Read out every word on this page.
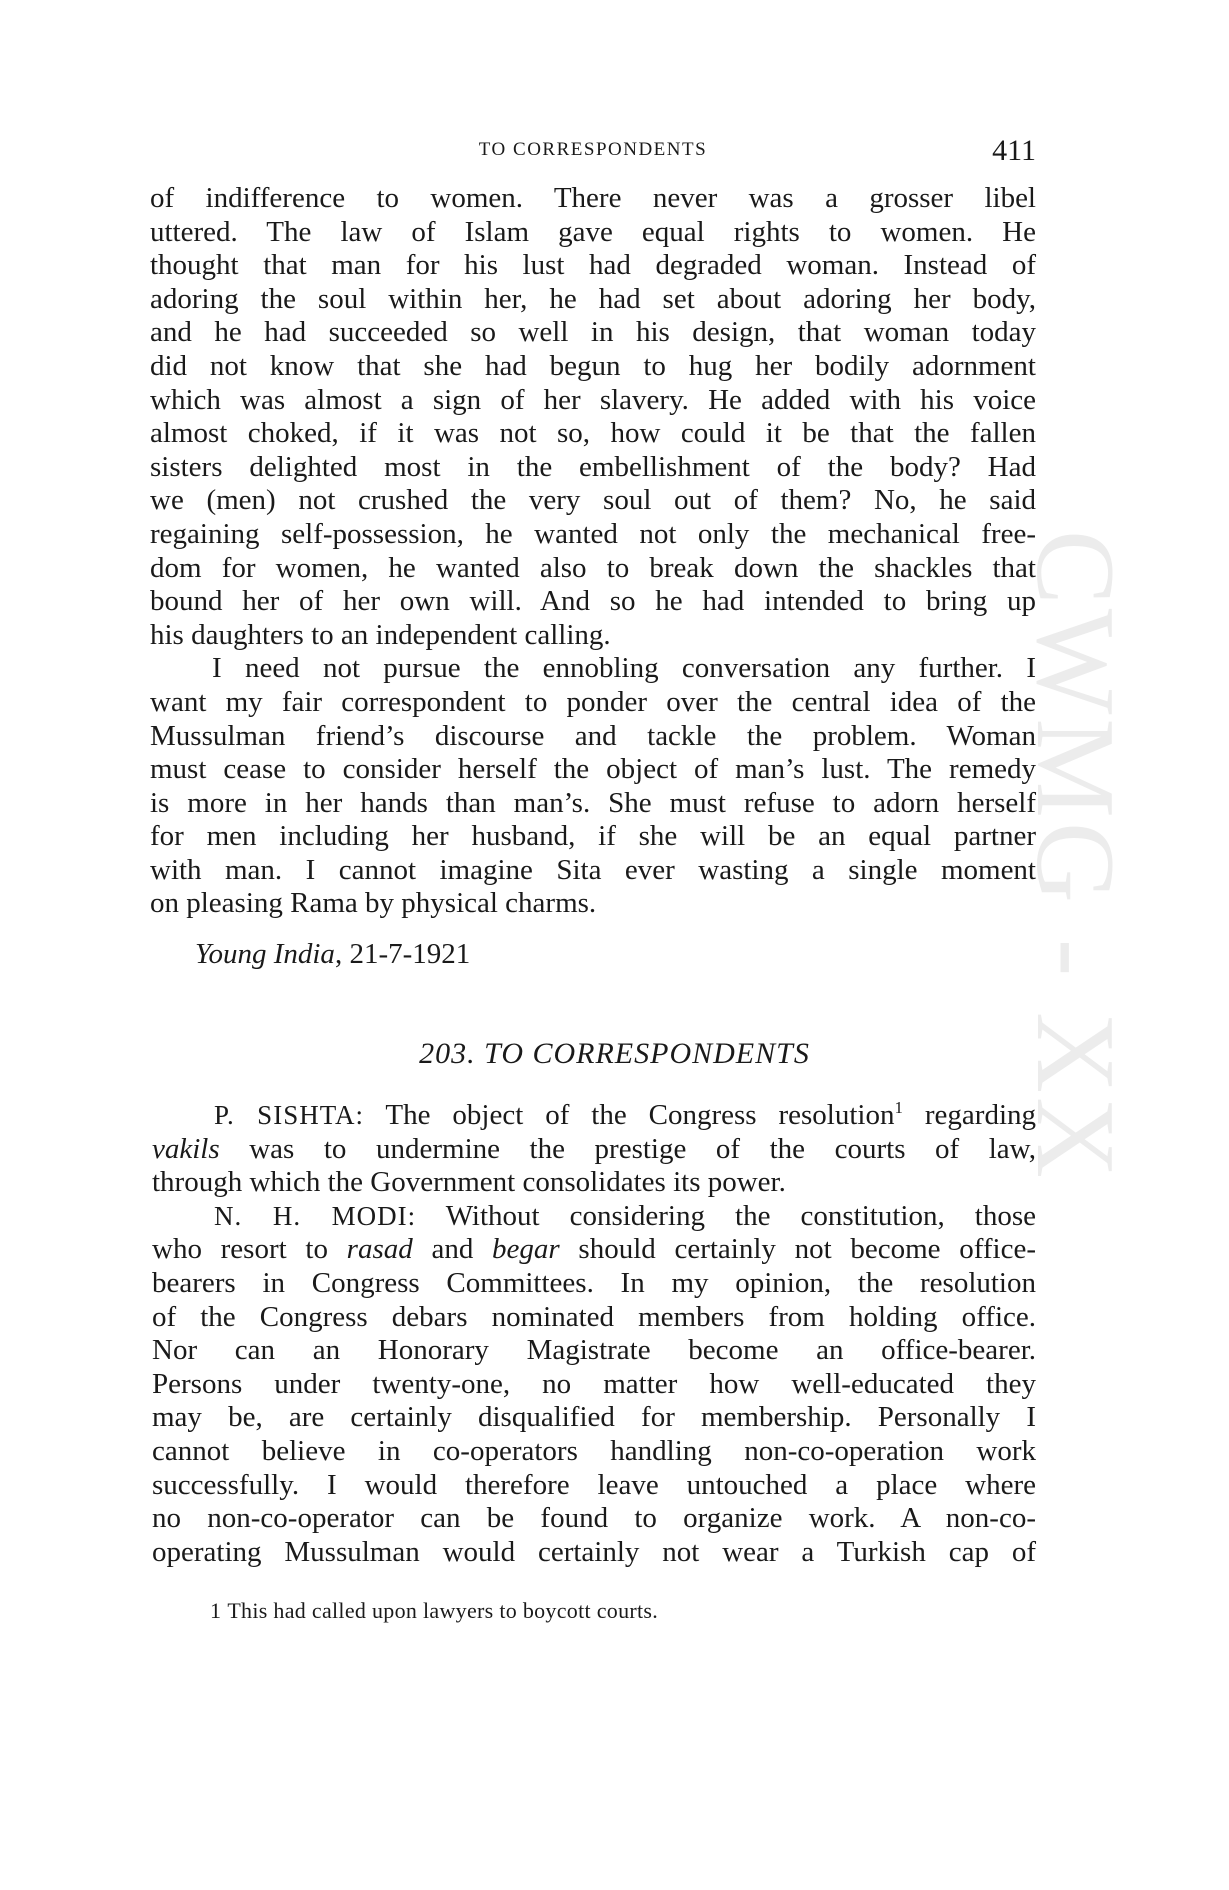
CWMG - XX
TO CORRESPONDENTS	411
of indifference to women. There never was a grosser libel
uttered. The law of Islam gave equal rights to women. He
thought that man for his lust had degraded woman. Instead of
adoring the soul within her, he had set about adoring her body,
and he had succeeded so well in his design, that woman today
did not know that she had begun to hug her bodily adornment
which was almost a sign of her slavery. He added with his voice
almost choked, if it was not so, how could it be that the fallen
sisters delighted most in the embellishment of the body? Had
we (men) not crushed the very soul out of them? No, he said
regaining self-possession, he wanted not only the mechanical free-
dom for women, he wanted also to break down the shackles that
bound her of her own will. And so he had intended to bring up
his daughters to an independent calling.
I need not pursue the ennobling conversation any further. I
want my fair correspondent to ponder over the central idea of the
Mussulman friend’s discourse and tackle the problem. Woman
must cease to consider herself the object of man’s lust. The remedy
is more in her hands than man’s. She must refuse to adorn herself
for men including her husband, if she will be an equal partner
with man. I cannot imagine Sita ever wasting a single moment
on pleasing Rama by physical charms.
Young India, 21-7-1921
203. TO CORRESPONDENTS
P. SISHTA: The object of the Congress resolution$^1$ regarding
vakils was to undermine the prestige of the courts of law,
through which the Government consolidates its power.
N. H. MODI: Without considering the constitution, those
who resort to rasad and begar should certainly not become office-
bearers in Congress Committees. In my opinion, the resolution
of the Congress debars nominated members from holding office.
Nor can an Honorary Magistrate become an office-bearer.
Persons under twenty-one, no matter how well-educated they
may be, are certainly disqualified for membership. Personally I
cannot believe in co-operators handling non-co-operation work
successfully. I would therefore leave untouched a place where
no non-co-operator can be found to organize work. A non-co-
operating Mussulman would certainly not wear a Turkish cap of
1 This had called upon lawyers to boycott courts.
